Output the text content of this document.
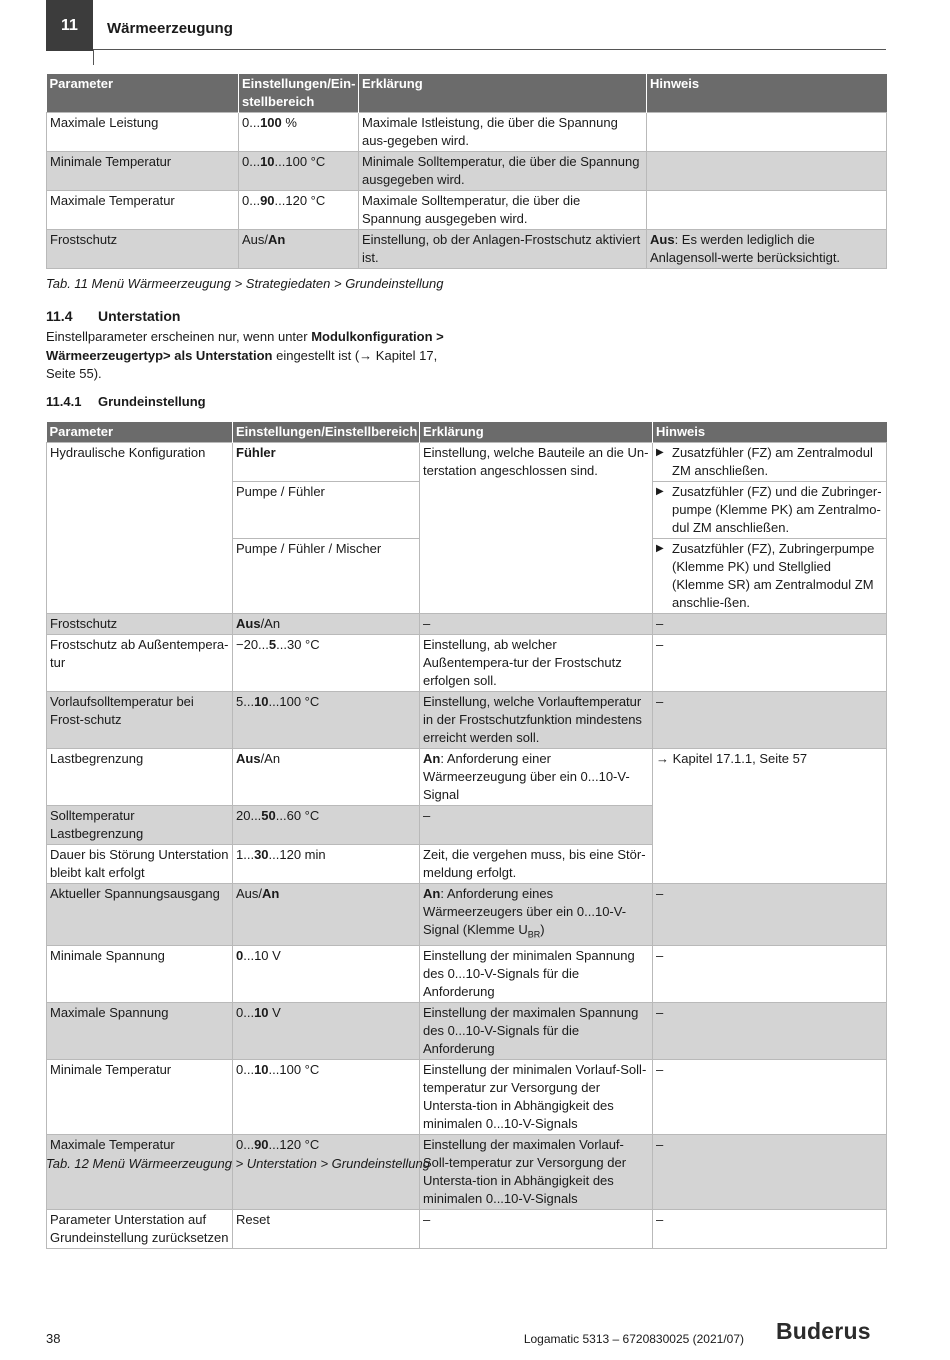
11	Wärmeerzeugung
Parameter	Einstellungen/Ein-stellbereich	Erklärung	Hinweis
Maximale Leistung	0...100 %	Maximale Istleistung, die über die Spannung aus-gegeben wird.	
Minimale Temperatur	0...10...100 °C	Minimale Solltemperatur, die über die Spannung ausgegeben wird.	
Maximale Temperatur	0...90...120 °C	Maximale Solltemperatur, die über die Spannung ausgegeben wird.	
Frostschutz	Aus/An	Einstellung, ob der Anlagen-Frostschutz aktiviert ist.	Aus: Es werden lediglich die Anlagensoll-werte berücksichtigt.
Tab. 11 Menü Wärmeerzeugung > Strategiedaten > Grundeinstellung
11.4 Unterstation
Einstellparameter erscheinen nur, wenn unter Modulkonfiguration > Wärmeerzeugertyp> als Unterstation eingestellt ist (→ Kapitel 17, Seite 55).
11.4.1 Grundeinstellung
Parameter	Einstellungen/Einstellbereich	Erklärung	Hinweis
Hydraulische Konfiguration	Fühler	Einstellung, welche Bauteile an die Un-terstation angeschlossen sind.	▶ Zusatzfühler (FZ) am Zentralmodul ZM anschließen.

	Pumpe / Fühler		▶ Zusatzfühler (FZ) und die Zubringer-pumpe (Klemme PK) am Zentralmo-dul ZM anschließen.

	Pumpe / Fühler / Mischer		▶ Zusatzfühler (FZ), Zubringerpumpe (Klemme PK) und Stellglied (Klemme SR) am Zentralmodul ZM anschlie-ßen.

Frostschutz	Aus/An	–	–
Frostschutz ab Außentempera-tur	−20...5...30 °C	Einstellung, ab welcher Außentempera-tur der Frostschutz erfolgen soll.	–
Vorlaufsolltemperatur bei Frost-schutz	5...10...100 °C	Einstellung, welche Vorlauftemperatur in der Frostschutzfunktion mindestens erreicht werden soll.	–
Lastbegrenzung	Aus/An	An: Anforderung einer Wärmeerzeugung über ein 0...10-V-Signal	→ Kapitel 17.1.1, Seite 57
Solltemperatur Lastbegrenzung	20...50...60 °C	–	
Dauer bis Störung Unterstation bleibt kalt erfolgt	1...30...120 min	Zeit, die vergehen muss, bis eine Stör-meldung erfolgt.	
Aktueller Spannungsausgang	Aus/An	An: Anforderung eines Wärmeerzeugers über ein 0...10-V-Signal (Klemme $U_{BR}$)	–
Minimale Spannung	0...10 V	Einstellung der minimalen Spannung des 0...10-V-Signals für die Anforderung	–
Maximale Spannung	0...10 V	Einstellung der maximalen Spannung des 0...10-V-Signals für die Anforderung	–
Minimale Temperatur	0...10...100 °C	Einstellung der minimalen Vorlauf-Soll-temperatur zur Versorgung der Untersta-tion in Abhängigkeit des minimalen 0...10-V-Signals	–
Maximale Temperatur	0...90...120 °C	Einstellung der maximalen Vorlauf-Soll-temperatur zur Versorgung der Untersta-tion in Abhängigkeit des minimalen 0...10-V-Signals	–
Parameter Unterstation auf Grundeinstellung zurücksetzen	Reset	–	–
Tab. 12 Menü Wärmeerzeugung > Unterstation > Grundeinstellung
38	Logamatic 5313 – 6720830025 (2021/07) Buderus
